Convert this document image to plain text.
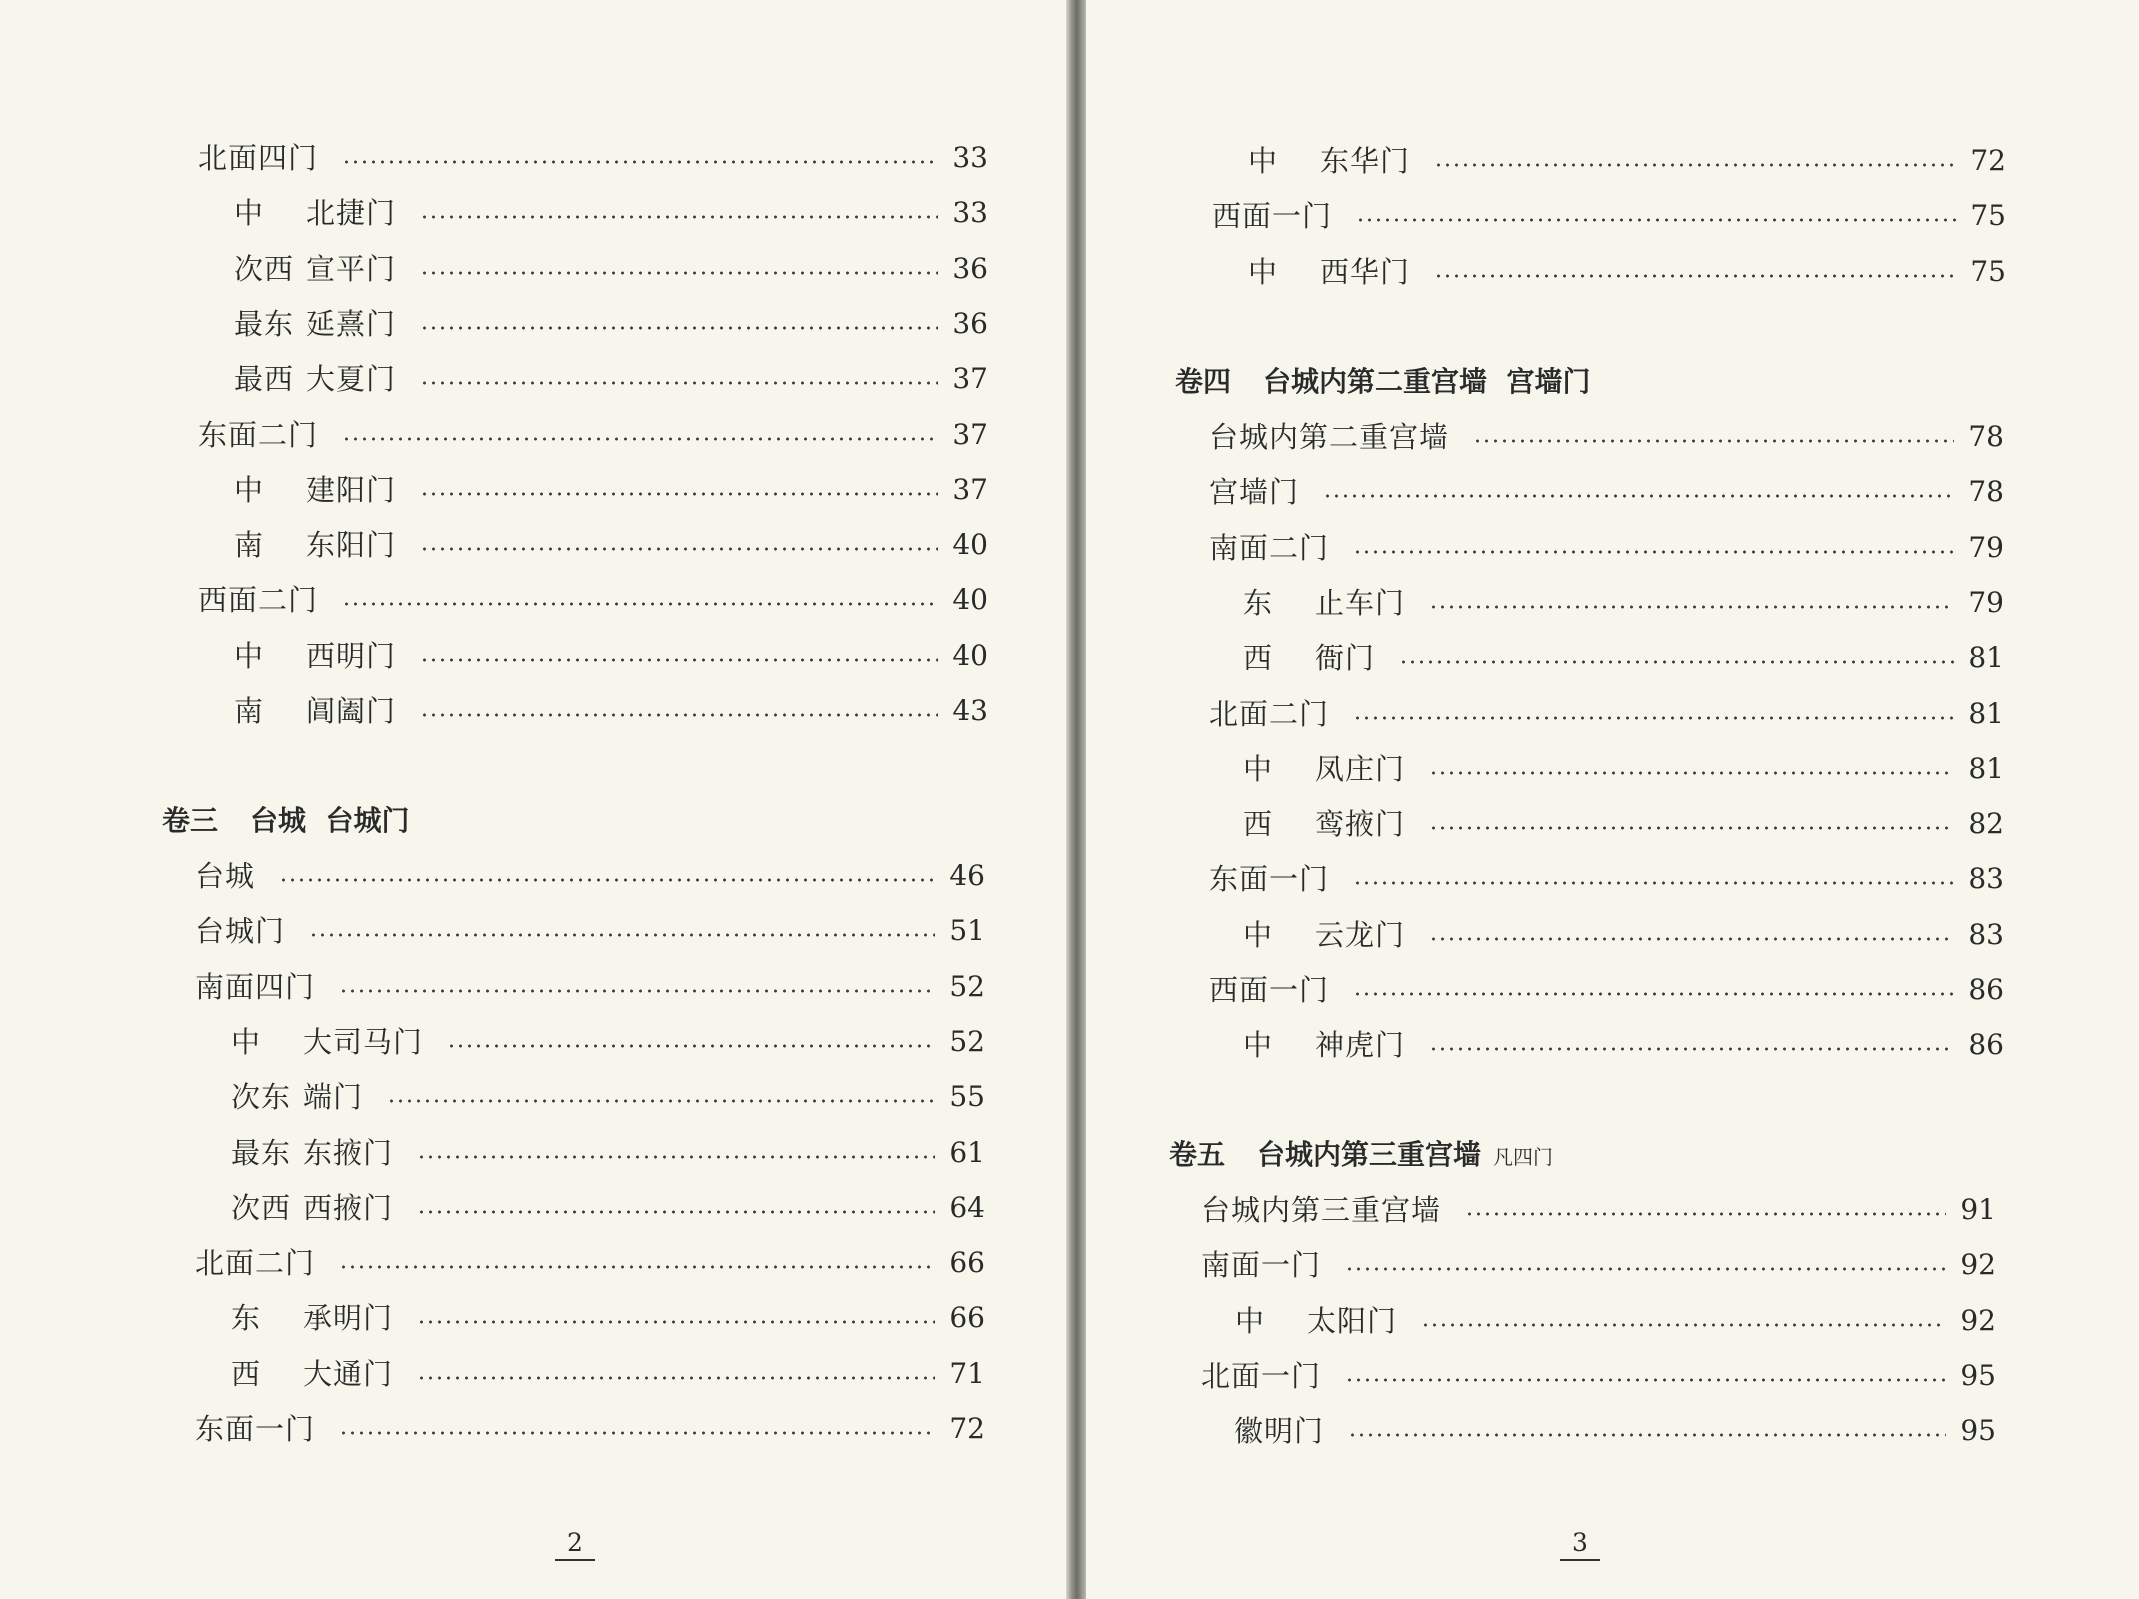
北面四门	33
中 北捷门	33
次西 宣平门	36
最东 延熹门	36
最西 大夏门	37
东面二门	37
中 建阳门	37
南 东阳门	40
西面二门	40
中 西明门	40
南 阊阖门	43
卷三 台城  台城门
台城	46
台城门	51
南面四门	52
中 大司马门	52
次东 端门	55
最东 东掖门	61
次西 西掖门	64
北面二门	66
东 承明门	66
西 大通门	71
东面一门	72
2
中 东华门	72
西面一门	75
中 西华门	75
卷四 台城内第二重宫墙  宫墙门
台城内第二重宫墙	78
宫墙门	78
南面二门	79
东 止车门	79
西 衙门	81
北面二门	81
中 凤庄门	81
西 鸾掖门	82
东面一门	83
中 云龙门	83
西面一门	86
中 神虎门	86
卷五 台城内第三重宫墙 凡四门
台城内第三重宫墙	91
南面一门	92
中 太阳门	92
北面一门	95
徽明门	95
3
